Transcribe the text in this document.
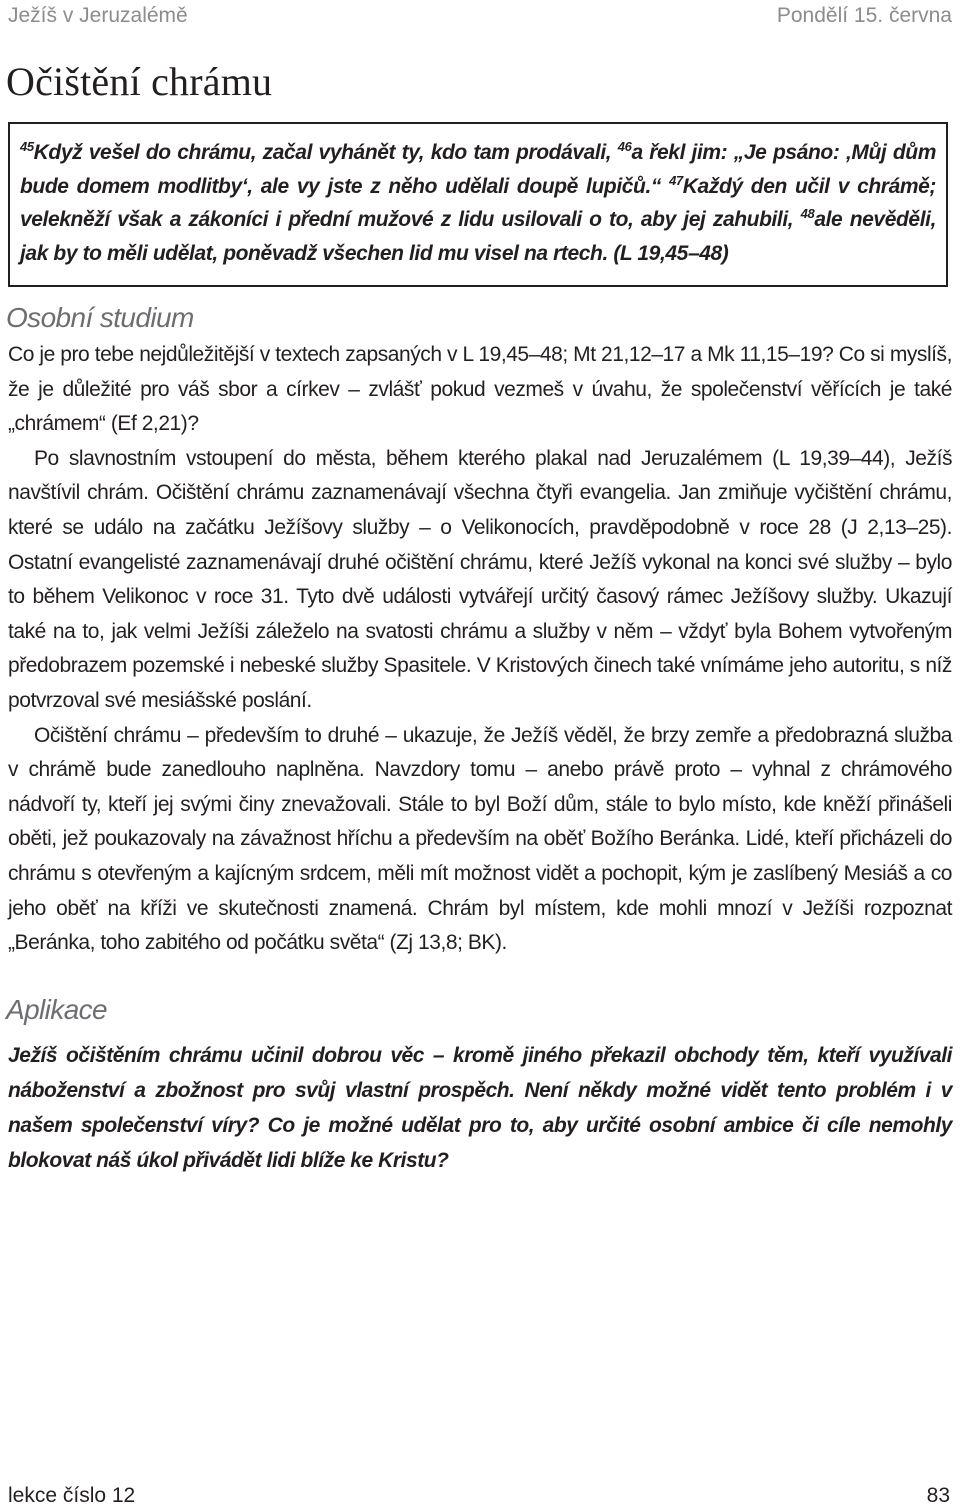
Ježíš v Jeruzalémě	Pondělí 15. června
Očištění chrámu

$^{45}$Když vešel do chrámu, začal vyhánět ty, kdo tam prodávali, $^{46}$a řekl jim: „Je psáno: ‚Můj dům bude domem modlitby‘, ale vy jste z něho udělali doupě lupičů.“ $^{47}$Každý den učil v chrámě; velekněží však a zákoníci i přední mužové z lidu usilovali o to, aby jej zahubili, $^{48}$ale nevěděli, jak by to měli udělat, poněvadž všechen lid mu visel na rtech. (L 19,45–48)

Osobní studium

Co je pro tebe nejdůležitější v textech zapsaných v L 19,45–48; Mt 21,12–17 a Mk 11,15–19? Co si myslíš, že je důležité pro váš sbor a církev – zvlášť pokud vezmeš v úvahu, že společenství věřících je také „chrámem“ (Ef 2,21)?

Po slavnostním vstoupení do města, během kterého plakal nad Jeruzalémem (L 19,39–44), Ježíš navštívil chrám. Očištění chrámu zaznamenávají všechna čtyři evangelia. Jan zmiňuje vyčištění chrámu, které se událo na začátku Ježíšovy služby – o Velikonocích, pravděpodobně v roce 28 (J 2,13–25). Ostatní evangelisté zaznamenávají druhé očištění chrámu, které Ježíš vykonal na konci své služby – bylo to během Velikonoc v roce 31. Tyto dvě události vytvářejí určitý časový rámec Ježíšovy služby. Ukazují také na to, jak velmi Ježíši záleželo na svatosti chrámu a služby v něm – vždyť byla Bohem vytvořeným předobrazem pozemské i nebeské služby Spasitele. V Kristových činech také vnímáme jeho autoritu, s níž potvrzoval své mesiášské poslání.

Očištění chrámu – především to druhé – ukazuje, že Ježíš věděl, že brzy zemře a předobrazná služba v chrámě bude zanedlouho naplněna. Navzdory tomu – anebo právě proto – vyhnal z chrámového nádvoří ty, kteří jej svými činy znevažovali. Stále to byl Boží dům, stále to bylo místo, kde kněží přinášeli oběti, jež poukazovaly na závažnost hříchu a především na oběť Božího Beránka. Lidé, kteří přicházeli do chrámu s otevřeným a kajícným srdcem, měli mít možnost vidět a pochopit, kým je zaslíbený Mesiáš a co jeho oběť na kříži ve skutečnosti znamená. Chrám byl místem, kde mohli mnozí v Ježíši rozpoznat „Beránka, toho zabitého od počátku světa“ (Zj 13,8; BK).

Aplikace

Ježíš očištěním chrámu učinil dobrou věc – kromě jiného překazil obchody těm, kteří využívali náboženství a zbožnost pro svůj vlastní prospěch. Není někdy možné vidět tento problém i v našem společenství víry? Co je možné udělat pro to, aby určité osobní ambice či cíle nemohly blokovat náš úkol přivádět lidi blíže ke Kristu?

lekce číslo 12	83
